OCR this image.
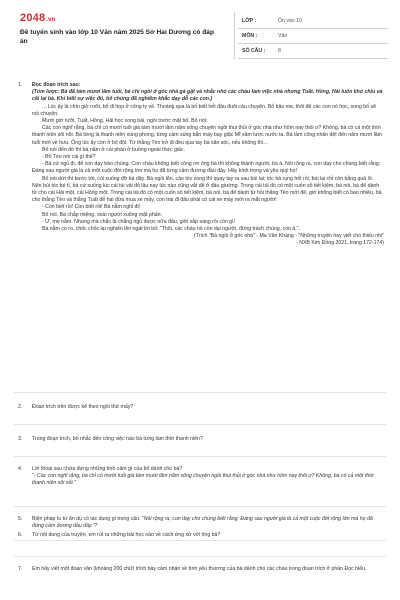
2048.vn
Đề tuyển sinh vào lớp 10 Văn năm 2025 Sở Hải Dương có đáp án
LỚP :	Ôn vào 10
MÔN :	Văn
SỐ CÂU : 8
1. Đọc đoạn trích sau:

(Tóm lược: Bà đã tám mươi lăm tuổi, bà chỉ ngồi ở góc nhà gà gật và nhắc nhỏ các cháu làm việc nhà nhưng Tuất, Hồng, Hải luôn khó chịu và cãi lại bà. Khi biết sự việc đó, bố chúng đã nghiêm khắc dạy dỗ các con.)

... Lúc ấy là chín giờ rưỡi, bố đi họp ở công ty về. Thoáng qua là bố biết hết đầu đuôi câu chuyện. Bố bảo me, thôi để các con nó học, xong bố sẽ nói chuyện.

Mười giờ rưỡi, Tuất, Hồng, Hải học xong bài, ngồi trước mặt bố. Bố nói:

Các con nghĩ rằng, bà chỉ có mười tuổi già tám mươi lăm năm sống chuyện ngồi thui thủi ở góc nhà như hôm nay thôi ư? Không, bà có cả một thời thanh niên sôi nổi. Bà từng là thanh niên xung phong, từng cầm súng bắn máy bay giặc Mĩ xâm lược nước ta. Bà làm công nhân dệt đến năm mươi lăm tuổi mới về hưu. Ông lúc ấy còn ở bộ đội. Từ thằng Tèo trở đi đều qua tay bà săn sóc, nếu không thì...

Bố nói đến đó thì bà nằm ở cái phản ở buồng ngoài thức giấc.

- Bố Tèo nói cái gì thế?

- Bà cứ ngủ đi, để con dạy bảo chúng. Con cháu không biết công ơn ông bà thì không thành người, bà à. Nói rộng ra, con dạy cho chúng biết rằng: Đáng sau người già là cả một cuộc đời rộng lớn mà họ đã từng cầm đương đầu đây. Hãy kính trọng và yêu quý họ!

Bố nói dứt thì bước tới, cúi xuống đỡ bà dậy. Bà ngồi lên, cảo tóc xong thì quay tay ra sau bùi lại; tóc bà rụng hết rồi, bùi lại chỉ còn bằng quả ổi. Nên bùi tóc bé tí, bà cứ xuống lúc cái túi vải đỏ lâu nay lúc nào cũng vắt để ở đầu giường. Trong cái túi đó có một cuốn sổ tiết kiệm, bà nói, bà để dành từ cho cái Hải một, cái Hồng một. Trong cái túi đó có một cuốn sổ tiết kiệm, bà nói, bà để dành từ hồi thằng Tèo mới đẻ, giờ không biết có bao nhiêu, bà cho thằng Tèo và thằng Tuất để hai đứa mua xe máy, con trai đi đâu phải có cái xe máy mới ra mắt người!

- Con biết rồi! Con biết rồi! Bà nằm nghỉ đi!

Bố nói. Bà chắp miệng, xoài người xuống mặt phản:

- Ừ, mẹ nằm. Nhưng mà chắc là chẳng ngủ được nữa đâu, giời sắp sáng rồi còn gì!

Bà nằm co ro, chốc chốc lại nghiến lện ngát lời bố: "Thôi, các cháu nó còn dại người, đừng trách chúng, con à.".

(Trích "Bà ngồi ở góc nhà" - Ma Văn Kháng - "Những truyện hay viết cho thiếu nhi"

- NXB Kim Đồng 2021, trang 172-174)

2. Đoạn trích trên được kể theo ngôi thứ mấy?

3. Trong đoạn trích, bố nhắc đến công việc nào bà từng làm thời thanh niên?

4. Lời thoại sau chứa đựng những tình cảm gì của bố dành cho bà?

"- Các con nghĩ rằng, bà chỉ có mười tuổi già tám mươi lăm năm sống chuyện ngồi thui thủi ở góc nhà như hôm nay thôi ư? Không, bà có cả một thời thanh niên sôi nổi."

5. Biện pháp tu từ ẩn dụ có tác dụng gì trong câu: "Nói rộng ra, con dạy cho chúng biết rằng: Đáng sau người già là cả một cuộc đời rộng lớn mà họ đã đứng cầm đương đầu đây."?

6. Từ nội dung của truyện, em rút ra những bài học nào về cách ứng xử với ông bà?

7. Em hãy viết một đoạn văn (khoảng 200 chữ) trình bày cảm nhận về tình yêu thương của bà dành cho các cháu trong đoạn trích ở phần Đọc hiểu.
